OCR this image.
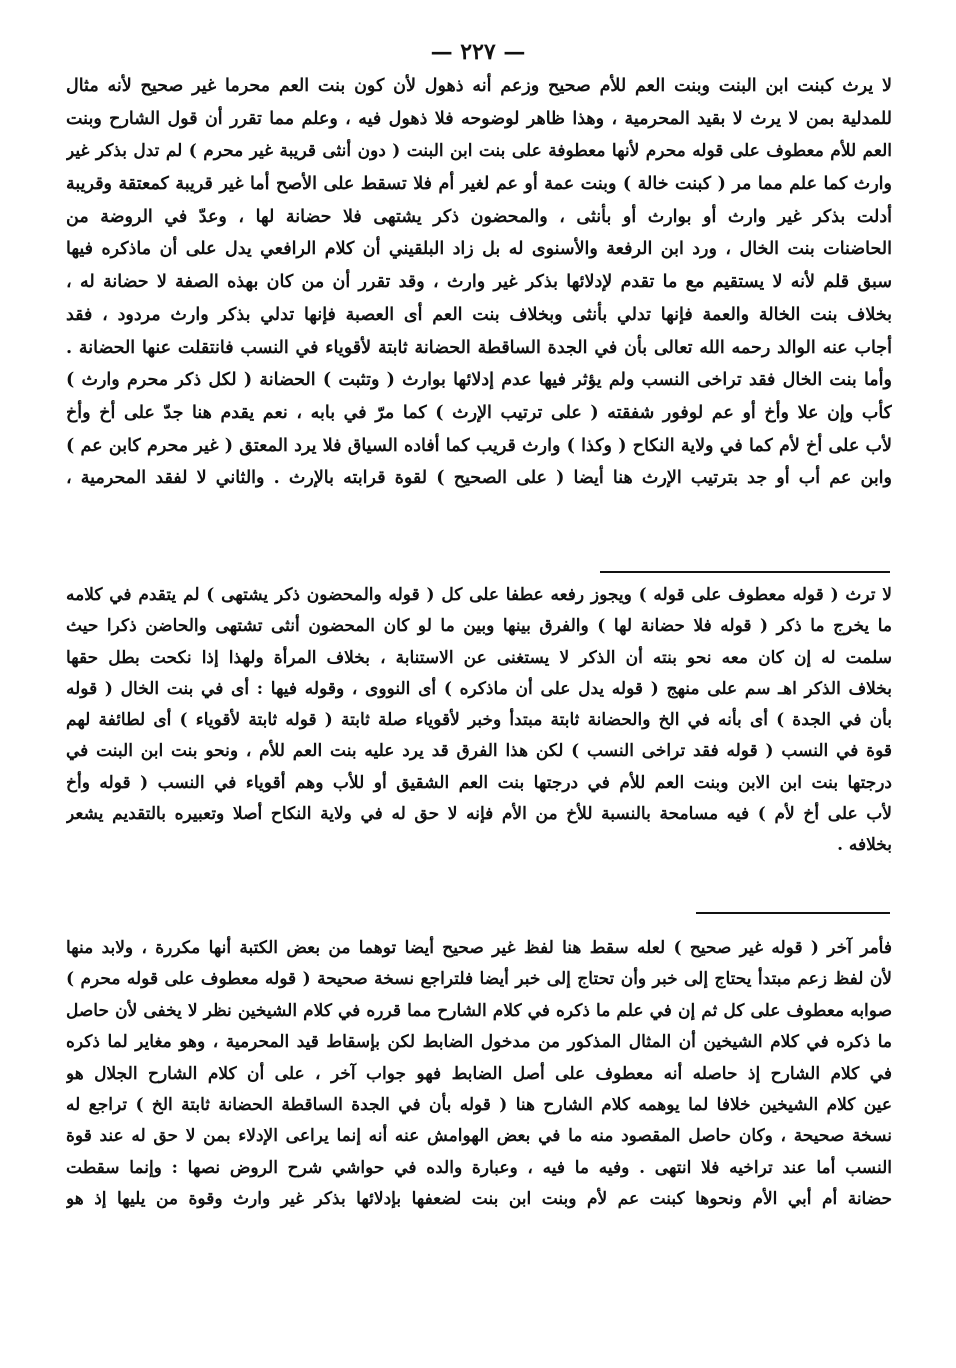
— ٢٢٧ —
لا يرث كبنت ابن البنت وبنت العم للأم صحيح وزعم أنه ذهول لأن كون بنت العم محرما غير صحيح لأنه مثال
للمدلية بمن لا يرث لا بقيد المحرمية ، وهذا ظاهر لوضوحه فلا ذهول فيه ، وعلم مما تقرر أن قول الشارح وبنت
العم للأم معطوف على قوله محرم لأنها معطوفة على بنت ابن البنت ( دون أنثى قريبة غير محرم ) لم تدل بذكر غير
وارث كما علم مما مر ( كبنت خالة ) وبنت عمة أو عم لغير أم فلا تسقط على الأصح أما غير قريبة كمعتقة وقريبة
أدلت بذكر غير وارث أو بوارث أو بأنثى ، والمحضون ذكر يشتهى فلا حضانة لها ، وعدّ في الروضة من
الحاضنات بنت الخال ، ورد ابن الرفعة والأسنوى له بل زاد البلقيني أن كلام الرافعي يدل على أن ماذكره فيها
سبق قلم لأنه لا يستقيم مع ما تقدم لإدلائها بذكر غير وارث ، وقد تقرر أن من كان بهذه الصفة لا حضانة له ،
بخلاف بنت الخالة والعمة فإنها تدلي بأنثى وبخلاف بنت العم أى العصبة فإنها تدلي بذكر وارث مردود ، فقد
أجاب عنه الوالد رحمه الله تعالى بأن في الجدة الساقطة الحضانة ثابتة لأقوياء في النسب فانتقلت عنها الحضانة .
وأما بنت الخال فقد تراخى النسب ولم يؤثر فيها عدم إدلائها بوارث ( وتثبت ) الحضانة ( لكل ذكر محرم وارث )
كأب وإن علا وأخ أو عم لوفور شفقته ( على ترتيب الإرث ) كما مرّ في بابه ، نعم يقدم هنا جدّ على أخ وأخ
لأب على أخ لأم كما في ولاية النكاح ( وكذا ) وارث قريب كما أفاده السياق فلا يرد المعتق ( غير محرم كابن عم )
وابن عم أب أو جد بترتيب الإرث هنا أيضا ( على الصحيح ) لقوة قرابته بالإرث . والثاني لا لفقد المحرمية ،
لا ترث ( قوله معطوف على قوله ) ويجوز رفعه عطفا على كل ( قوله والمحضون ذكر يشتهى ) لم يتقدم في كلامه
ما يخرج ما ذكر ( قوله فلا حضانة لها ) والفرق بينها وبين ما لو كان المحضون أنثى تشتهى والحاضن ذكرا حيث
سلمت له إن كان معه نحو بنته أن الذكر لا يستغنى عن الاستنابة ، بخلاف المرأة ولهذا إذا نكحت بطل حقها
بخلاف الذكر اهـ سم على منهج ( قوله يدل على أن ماذكره ) أى النووى ، وقوله فيها : أى في بنت الخال ( قوله
بأن في الجدة ) أى بأنه في الخ والحضانة ثابتة مبتدأ وخبر لأقوياء صلة ثابتة ( قوله ثابتة لأقوياء ) أى لطائفة لهم
قوة في النسب ( قوله فقد تراخى النسب ) لكن هذا الفرق قد يرد عليه بنت العم للأم ، ونحو بنت ابن البنت في
درجتها بنت ابن الابن وبنت العم للأم في درجتها بنت العم الشقيق أو للأب وهم أقوياء في النسب ( قوله وأخ
لأب على أخ لأم ) فيه مسامحة بالنسبة للأخ من الأم فإنه لا حق له في ولاية النكاح أصلا وتعبيره بالتقديم يشعر
بخلافه .
فأمر آخر ( قوله غير صحيح ) لعله سقط هنا لفظ غير صحيح أيضا توهما من بعض الكتبة أنها مكررة ، ولابد منها
لأن لفظ زعم مبتدأ يحتاج إلى خبر وأن تحتاج إلى خبر أيضا فلتراجع نسخة صحيحة ( قوله معطوف على قوله محرم )
صوابه معطوف على كل ثم إن في علم ما ذكره في كلام الشارح مما قرره في كلام الشيخين نظر لا يخفى لأن حاصل
ما ذكره في كلام الشيخين أن المثال المذكور من مدخول الضابط لكن بإسقاط قيد المحرمية ، وهو مغاير لما ذكره
في كلام الشارح إذ حاصله أنه معطوف على أصل الضابط فهو جواب آخر ، على أن كلام الشارح الجلال هو
عين كلام الشيخين خلافا لما يوهمه كلام الشارح هنا ( قوله بأن في الجدة الساقطة الحضانة ثابتة الخ ) تراجع له
نسخة صحيحة ، وكان حاصل المقصود منه ما في بعض الهوامش عنه أنه إنما يراعى الإدلاء بمن لا حق له عند قوة
النسب أما عند تراخيه فلا انتهى . وفيه ما فيه ، وعبارة والده في حواشي شرح الروض نصها : وإنما سقطت
حضانة أم أبي الأم ونحوها كبنت عم لأم وبنت ابن بنت لضعفها بإدلائها بذكر غير وارث وقوة من يليها إذ هو
